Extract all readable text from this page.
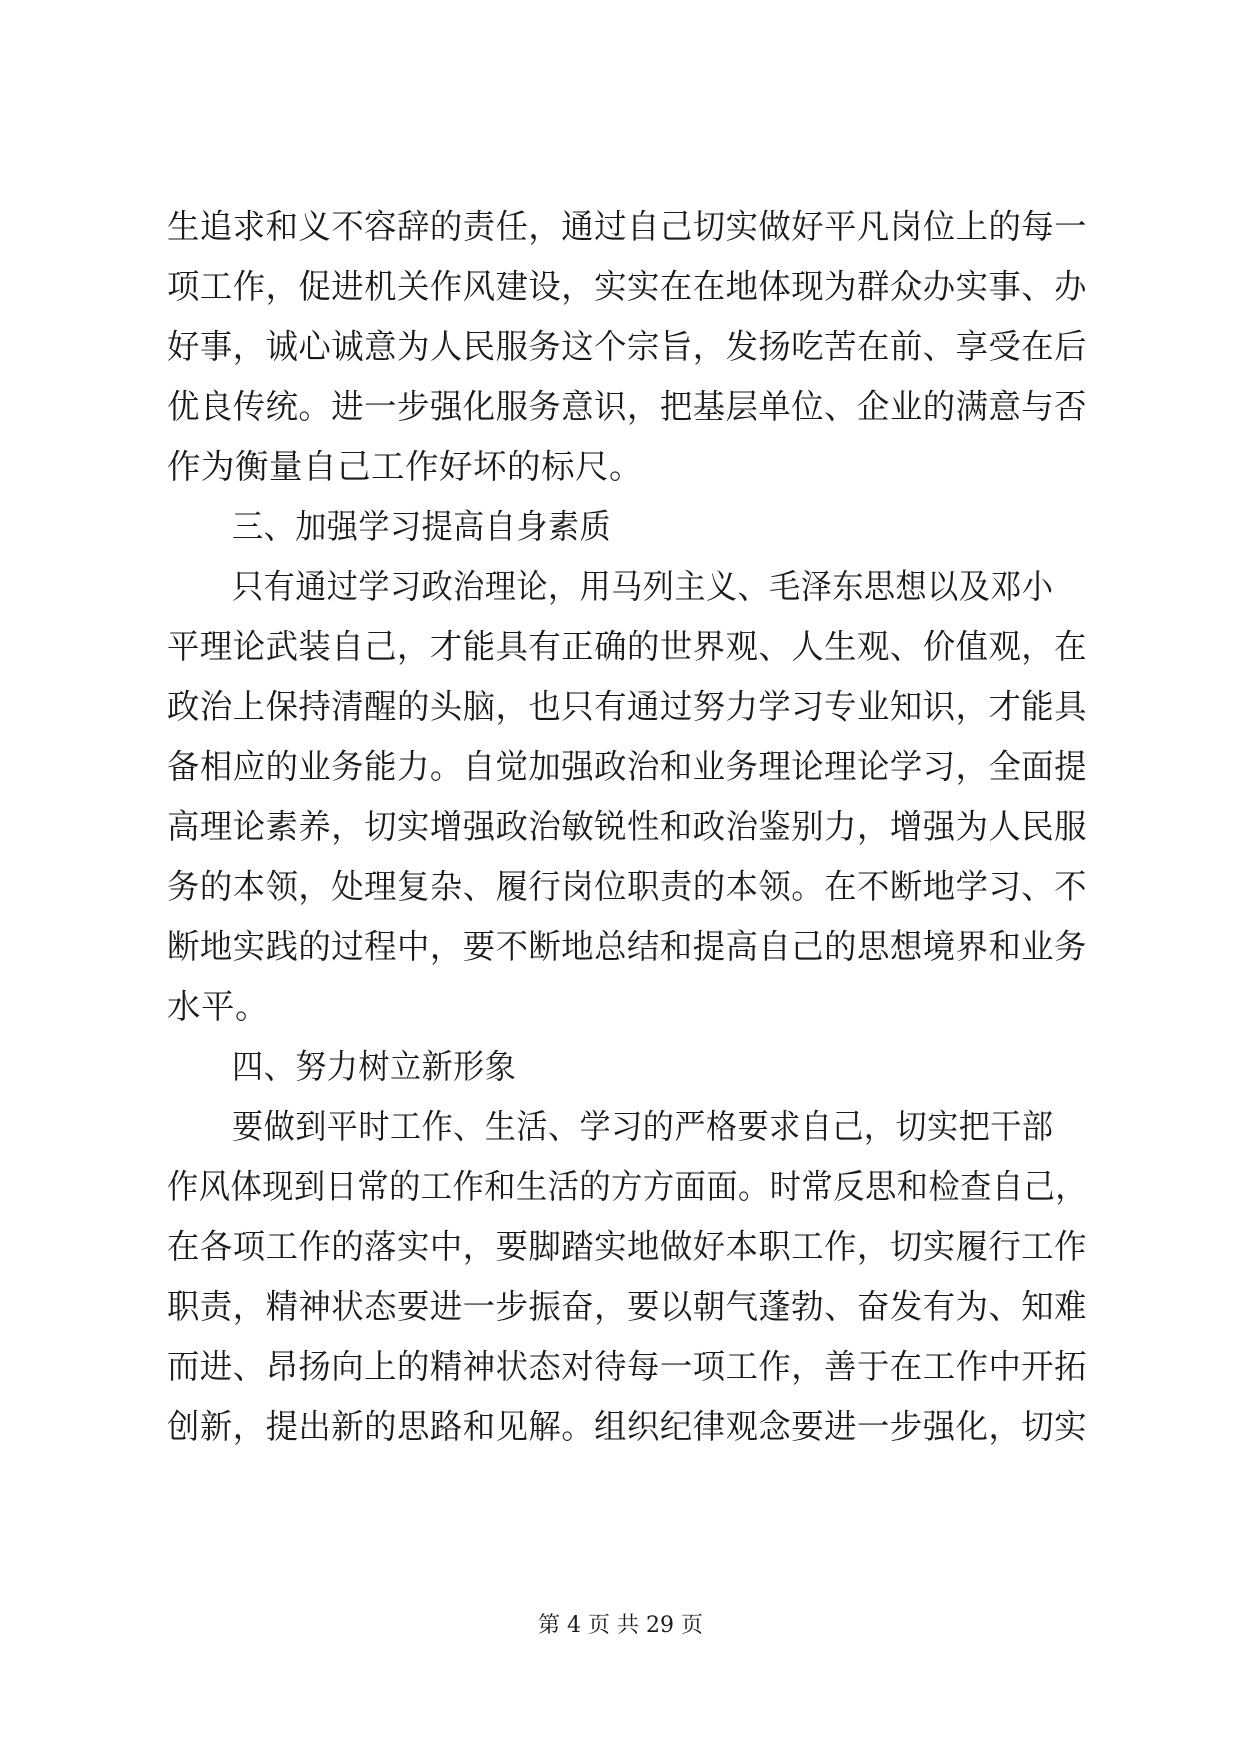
生追求和义不容辞的责任，通过自己切实做好平凡岗位上的每一
项工作，促进机关作风建设，实实在在地体现为群众办实事、办
好事，诚心诚意为人民服务这个宗旨，发扬吃苦在前、享受在后
优良传统。进一步强化服务意识，把基层单位、企业的满意与否
作为衡量自己工作好坏的标尺。
三、加强学习提高自身素质
只有通过学习政治理论，用马列主义、毛泽东思想以及邓小
平理论武装自己，才能具有正确的世界观、人生观、价值观，在
政治上保持清醒的头脑，也只有通过努力学习专业知识，才能具
备相应的业务能力。自觉加强政治和业务理论理论学习，全面提
高理论素养，切实增强政治敏锐性和政治鉴别力，增强为人民服
务的本领，处理复杂、履行岗位职责的本领。在不断地学习、不
断地实践的过程中，要不断地总结和提高自己的思想境界和业务
水平。
四、努力树立新形象
要做到平时工作、生活、学习的严格要求自己，切实把干部
作风体现到日常的工作和生活的方方面面。时常反思和检查自己，
在各项工作的落实中，要脚踏实地做好本职工作，切实履行工作
职责，精神状态要进一步振奋，要以朝气蓬勃、奋发有为、知难
而进、昂扬向上的精神状态对待每一项工作，善于在工作中开拓
创新，提出新的思路和见解。组织纪律观念要进一步强化，切实
第 4 页 共 29 页
